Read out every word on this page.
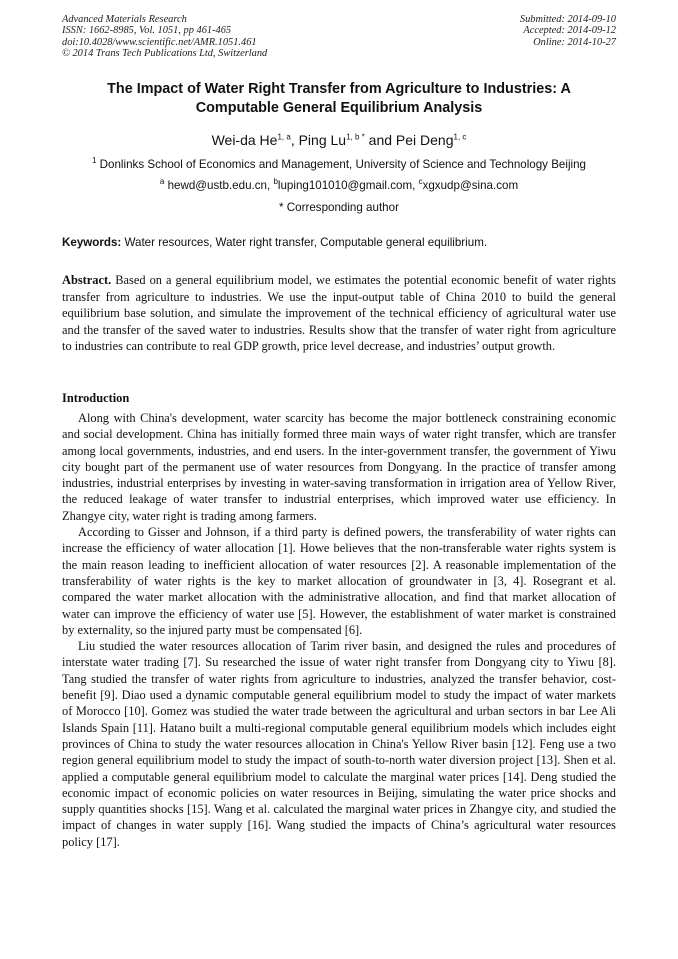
Advanced Materials Research
ISSN: 1662-8985, Vol. 1051, pp 461-465
doi:10.4028/www.scientific.net/AMR.1051.461
© 2014 Trans Tech Publications Ltd, Switzerland
Submitted: 2014-09-10
Accepted: 2014-09-12
Online: 2014-10-27
The Impact of Water Right Transfer from Agriculture to Industries: A
Computable General Equilibrium Analysis
Wei-da He$^{1, a}$, Ping $Lu^{1, b *}$ and Pei Deng$^{1, c}$
$^1$ Donlinks School of Economics and Management, University of Science and Technology Beijing
$^a$ hewd@ustb.edu.cn, $^b$luping101010@gmail.com, $^c$xgxudp@sina.com
* Corresponding author
Keywords: Water resources, Water right transfer, Computable general equilibrium.
Abstract. Based on a general equilibrium model, we estimates the potential economic benefit of water rights transfer from agriculture to industries. We use the input-output table of China 2010 to build the general equilibrium base solution, and simulate the improvement of the technical efficiency of agricultural water use and the transfer of the saved water to industries. Results show that the transfer of water right from agriculture to industries can contribute to real GDP growth, price level decrease, and industries’ output growth.
Introduction

Along with China's development, water scarcity has become the major bottleneck constraining economic and social development. China has initially formed three main ways of water right transfer, which are transfer among local governments, industries, and end users. In the inter-government transfer, the government of Yiwu city bought part of the permanent use of water resources from Dongyang. In the practice of transfer among industries, industrial enterprises by investing in water-saving transformation in irrigation area of Yellow River, the reduced leakage of water transfer to industrial enterprises, which improved water use efficiency. In Zhangye city, water right is trading among farmers.

According to Gisser and Johnson, if a third party is defined powers, the transferability of water rights can increase the efficiency of water allocation [1]. Howe believes that the non-transferable water rights system is the main reason leading to inefficient allocation of water resources [2]. A reasonable implementation of the transferability of water rights is the key to market allocation of groundwater in [3, 4]. Rosegrant et al. compared the water market allocation with the administrative allocation, and find that market allocation of water can improve the efficiency of water use [5]. However, the establishment of water market is constrained by externality, so the injured party must be compensated [6].

Liu studied the water resources allocation of Tarim river basin, and designed the rules and procedures of interstate water trading [7]. Su researched the issue of water right transfer from Dongyang city to Yiwu [8]. Tang studied the transfer of water rights from agriculture to industries, analyzed the transfer behavior, cost-benefit [9]. Diao used a dynamic computable general equilibrium model to study the impact of water markets of Morocco [10]. Gomez was studied the water trade between the agricultural and urban sectors in bar Lee Ali Islands Spain [11]. Hatano built a multi-regional computable general equilibrium models which includes eight provinces of China to study the water resources allocation in China's Yellow River basin [12]. Feng use a two region general equilibrium model to study the impact of south-to-north water diversion project [13]. Shen et al. applied a computable general equilibrium model to calculate the marginal water prices [14]. Deng studied the economic impact of economic policies on water resources in Beijing, simulating the water price shocks and supply quantities shocks [15]. Wang et al. calculated the marginal water prices in Zhangye city, and studied the impact of changes in water supply [16]. Wang studied the impacts of China’s agricultural water resources policy [17].
